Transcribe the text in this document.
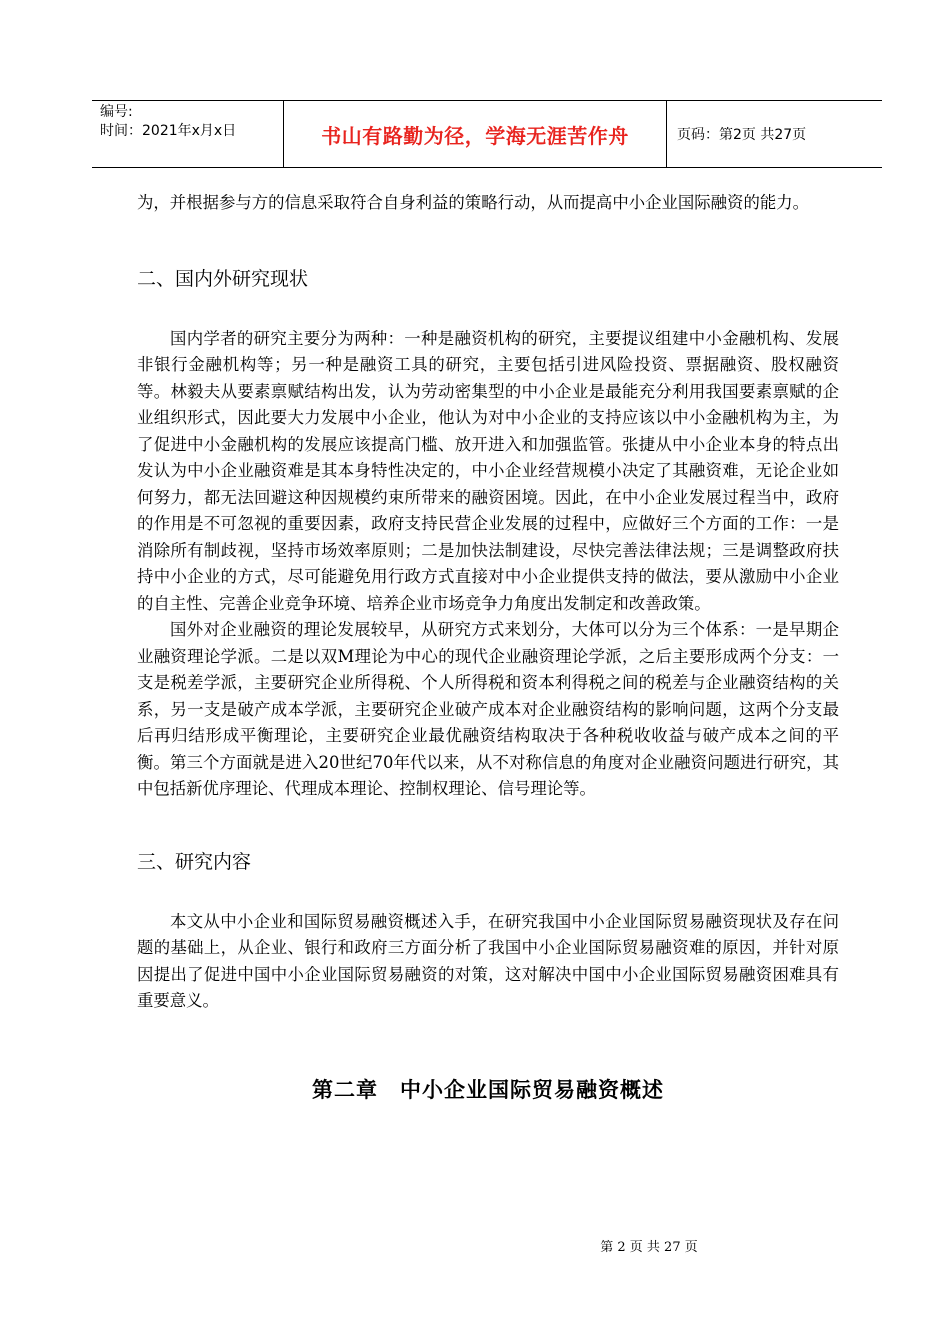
编号:
时间：2021年x月x日	书山有路勤为径，学海无涯苦作舟	页码：第2页 共27页

为，并根据参与方的信息采取符合自身利益的策略行动，从而提高中小企业国际融资的能力。

二、国内外研究现状

国内学者的研究主要分为两种：一种是融资机构的研究，主要提议组建中小金融机构、发展非银行金融机构等；另一种是融资工具的研究，主要包括引进风险投资、票据融资、股权融资等。林毅夫从要素禀赋结构出发，认为劳动密集型的中小企业是最能充分利用我国要素禀赋的企业组织形式，因此要大力发展中小企业，他认为对中小企业的支持应该以中小金融机构为主，为了促进中小金融机构的发展应该提高门槛、放开进入和加强监管。张捷从中小企业本身的特点出发认为中小企业融资难是其本身特性决定的，中小企业经营规模小决定了其融资难，无论企业如何努力，都无法回避这种因规模约束所带来的融资困境。因此，在中小企业发展过程当中，政府的作用是不可忽视的重要因素，政府支持民营企业发展的过程中，应做好三个方面的工作：一是消除所有制歧视，坚持市场效率原则；二是加快法制建设，尽快完善法律法规；三是调整政府扶持中小企业的方式，尽可能避免用行政方式直接对中小企业提供支持的做法，要从激励中小企业的自主性、完善企业竞争环境、培养企业市场竞争力角度出发制定和改善政策。

国外对企业融资的理论发展较早，从研究方式来划分，大体可以分为三个体系：一是早期企业融资理论学派。二是以双M理论为中心的现代企业融资理论学派，之后主要形成两个分支：一支是税差学派，主要研究企业所得税、个人所得税和资本利得税之间的税差与企业融资结构的关系，另一支是破产成本学派，主要研究企业破产成本对企业融资结构的影响问题，这两个分支最后再归结形成平衡理论，主要研究企业最优融资结构取决于各种税收收益与破产成本之间的平衡。第三个方面就是进入20世纪70年代以来，从不对称信息的角度对企业融资问题进行研究，其中包括新优序理论、代理成本理论、控制权理论、信号理论等。

三、研究内容

本文从中小企业和国际贸易融资概述入手，在研究我国中小企业国际贸易融资现状及存在问题的基础上，从企业、银行和政府三方面分析了我国中小企业国际贸易融资难的原因，并针对原因提出了促进中国中小企业国际贸易融资的对策，这对解决中国中小企业国际贸易融资困难具有重要意义。

第二章　中小企业国际贸易融资概述
第 2 页 共 27 页
